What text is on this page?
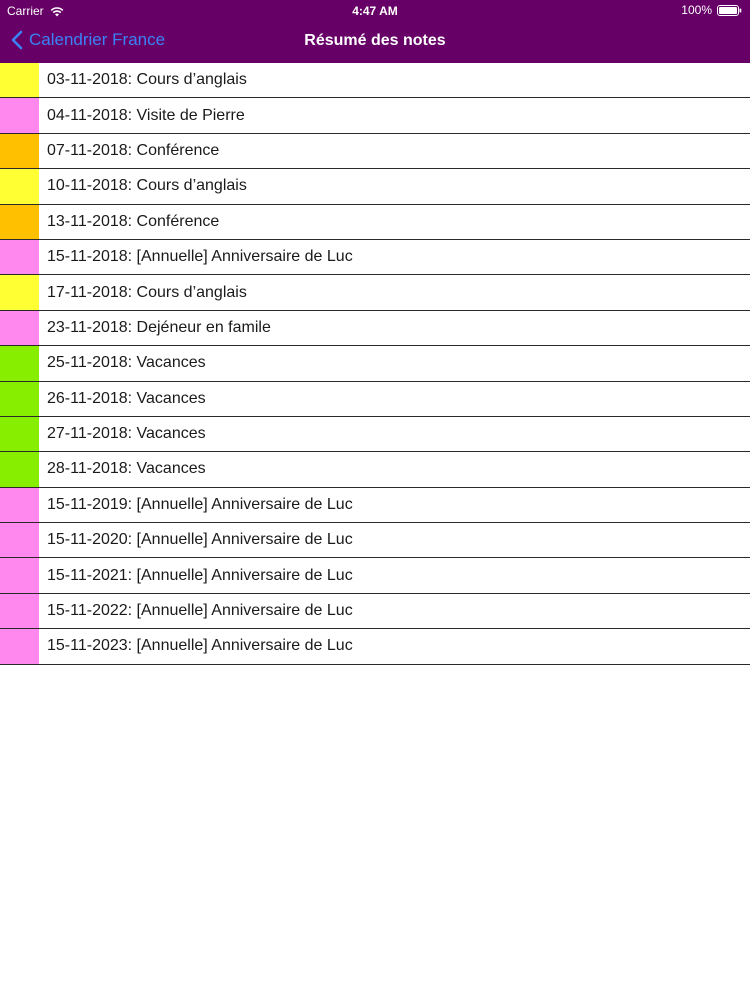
Carrier	4:47 AM	100%
Calendrier France	Résumé des notes
03-11-2018: Cours d’anglais
04-11-2018: Visite de Pierre
07-11-2018: Conférence
10-11-2018: Cours d’anglais
13-11-2018: Conférence
15-11-2018: [Annuelle] Anniversaire de Luc
17-11-2018: Cours d’anglais
23-11-2018: Dejéneur en famile
25-11-2018: Vacances
26-11-2018: Vacances
27-11-2018: Vacances
28-11-2018: Vacances
15-11-2019: [Annuelle] Anniversaire de Luc
15-11-2020: [Annuelle] Anniversaire de Luc
15-11-2021: [Annuelle] Anniversaire de Luc
15-11-2022: [Annuelle] Anniversaire de Luc
15-11-2023: [Annuelle] Anniversaire de Luc
